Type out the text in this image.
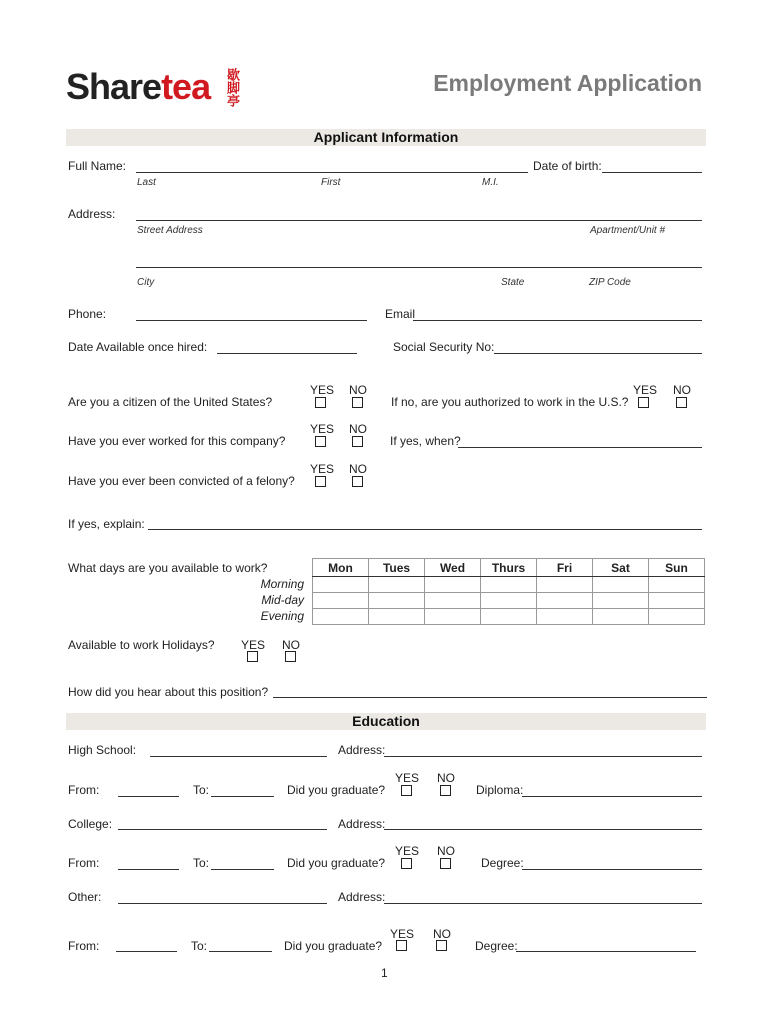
Sharetea 歇脚亭	Employment Application
Applicant Information
Full Name:
Last	First	M.I.
Date of birth:
Address:
Street Address	Apartment/Unit #
City	State	ZIP Code
Phone:	Email
Date Available once hired:	Social Security No:
Are you a citizen of the United States?
YES NO
If no, are you authorized to work in the U.S.?
YES NO
Have you ever worked for this company?
YES NO
If yes, when?
Have you ever been convicted of a felony?
YES NO
If yes, explain:
What days are you available to work?
Morning
Mid-day
Evening
Mon	Tues	Wed	Thurs	Fri	Sat	Sun

Available to work Holidays? YES NO
How did you hear about this position?
Education
High School:	Address:
From:	To:	Did you graduate?
YES NO
Diploma:
College:	Address:
From:	To:	Did you graduate?
YES NO
Degree:
Other:	Address:
From:	To:	Did you graduate?
YES NO
Degree:
1
